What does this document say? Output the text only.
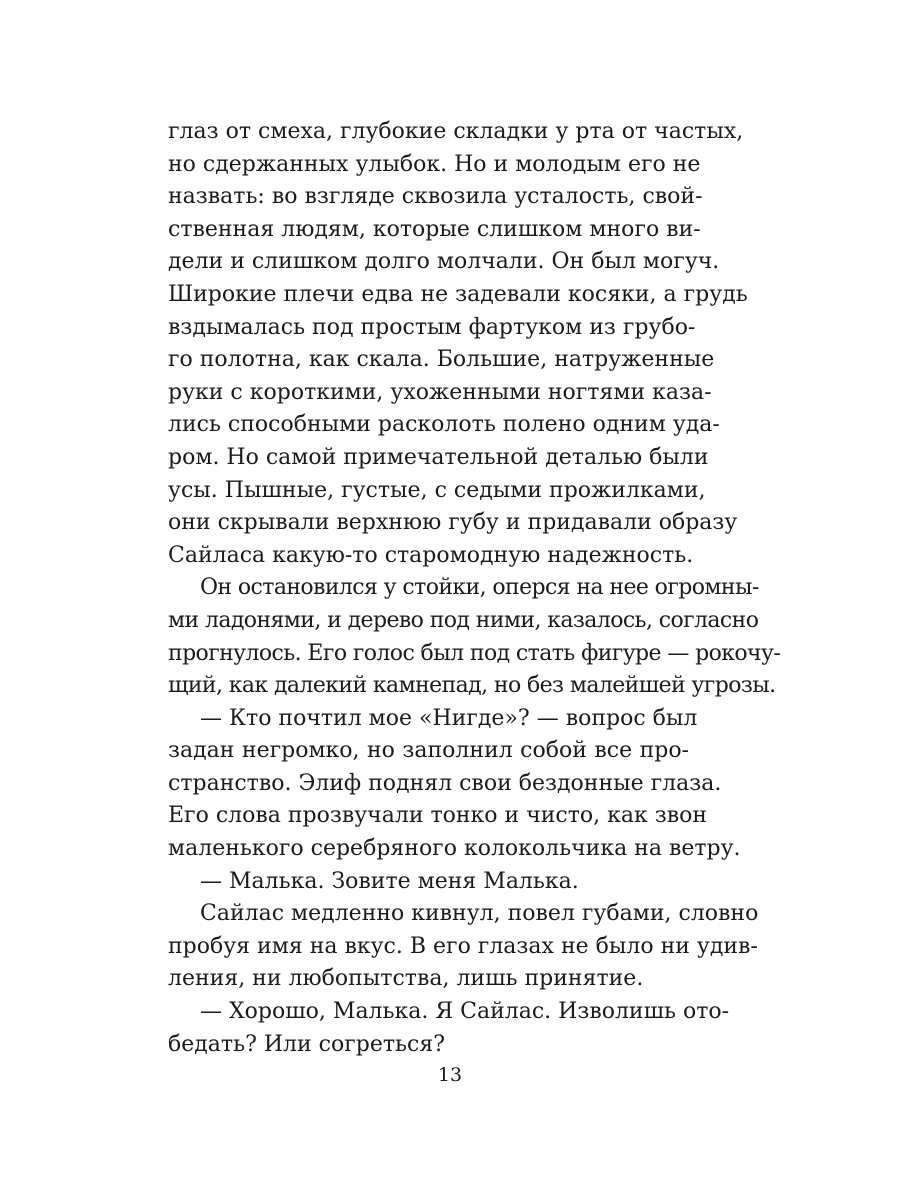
глаз от смеха, глубокие складки у рта от частых,
но сдержанных улыбок. Но и молодым его не
назвать: во взгляде сквозила усталость, свой-
ственная людям, которые слишком много ви-
дели и слишком долго молчали. Он был могуч.
Широкие плечи едва не задевали косяки, а грудь
вздымалась под простым фартуком из грубо-
го полотна, как скала. Большие, натруженные
руки с короткими, ухоженными ногтями каза-
лись способными расколоть полено одним уда-
ром. Но самой примечательной деталью были
усы. Пышные, густые, с седыми прожилками,
они скрывали верхнюю губу и придавали образу
Сайласа какую-то старомодную надежность.
Он остановился у стойки, оперся на нее огромны-
ми ладонями, и дерево под ними, казалось, согласно
прогнулось. Его голос был под стать фигуре — рокочу-
щий, как далекий камнепад, но без малейшей угрозы.
— Кто почтил мое «Нигде»? — вопрос был
задан негромко, но заполнил собой все про-
странство. Элиф поднял свои бездонные глаза.
Его слова прозвучали тонко и чисто, как звон
маленького серебряного колокольчика на ветру.
— Малька. Зовите меня Малька.
Сайлас медленно кивнул, повел губами, словно
пробуя имя на вкус. В его глазах не было ни удив-
ления, ни любопытства, лишь принятие.
— Хорошо, Малька. Я Сайлас. Изволишь ото-
бедать? Или согреться?
13
